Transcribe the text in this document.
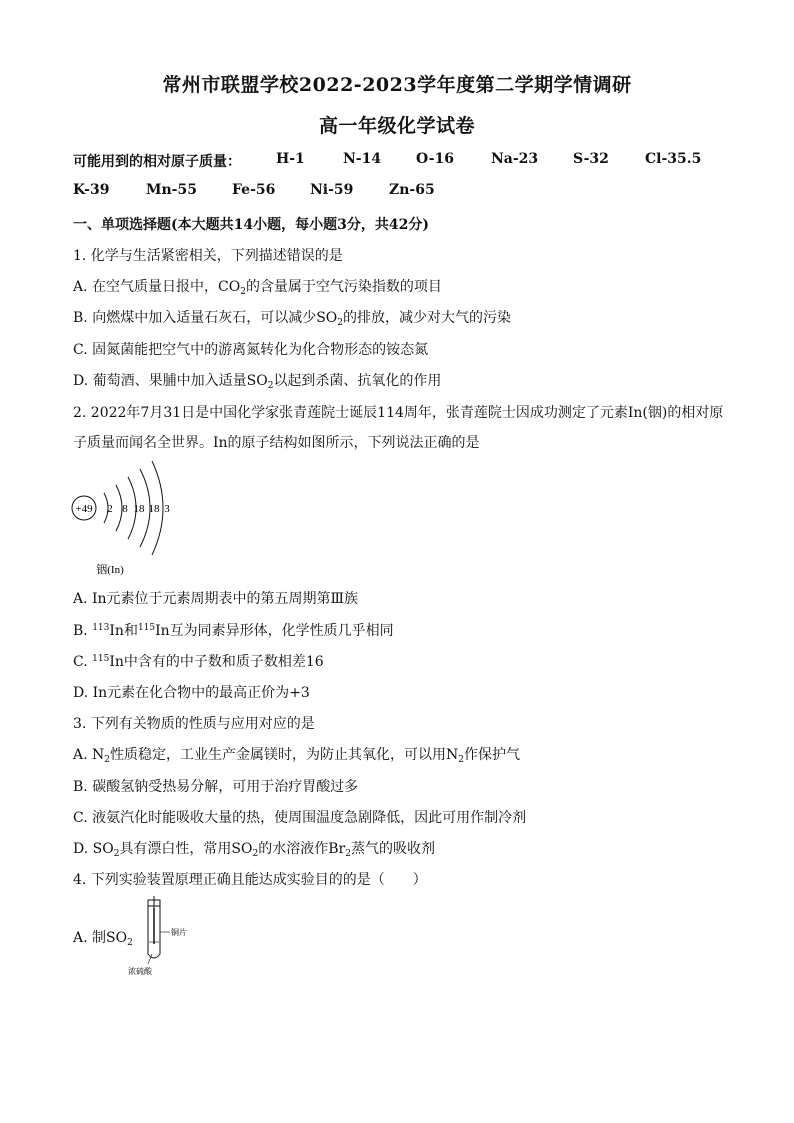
常州市联盟学校2022-2023学年度第二学期学情调研
高一年级化学试卷
可能用到的相对原子质量：	H-1	N-14 O-16	Na-23 S-32	Cl-35.5
K-39	Mn-55	Fe-56 Ni-59	Zn-65
一、单项选择题(本大题共14小题，每小题3分，共42分)
1. 化学与生活紧密相关，下列描述错误的是
A. 在空气质量日报中，$CO_2$的含量属于空气污染指数的项目
B. 向燃煤中加入适量石灰石，可以减少$SO_2$的排放，减少对大气的污染
C. 固氮菌能把空气中的游离氮转化为化合物形态的铵态氮
D. 葡萄酒、果脯中加入适量$SO_2$以起到杀菌、抗氧化的作用
2. 2022年7月31日是中国化学家张青莲院士诞辰114周年，张青莲院士因成功测定了元素In(铟)的相对原
子质量而闻名全世界。In的原子结构如图所示，下列说法正确的是
+49 2 8 18 18 3
铟(In)
A. In元素位于元素周期表中的第五周期第Ⅲ族
B. $^{113}$In和$^{115}$In互为同素异形体，化学性质几乎相同
C. $^{115}$In中含有的中子数和质子数相差16
D. In元素在化合物中的最高正价为+3
3. 下列有关物质的性质与应用对应的是
A. $N_2$性质稳定，工业生产金属镁时，为防止其氧化，可以用$N_2$作保护气
B. 碳酸氢钠受热易分解，可用于治疗胃酸过多
C. 液氨汽化时能吸收大量的热，使周围温度急剧降低，因此可用作制冷剂
D. $SO_2$具有漂白性，常用$SO_2$的水溶液作$Br_2$蒸气的吸收剂
4. 下列实验装置原理正确且能达成实验目的的是（　　）
A. 制$SO_2$
铜片
浓硫酸
